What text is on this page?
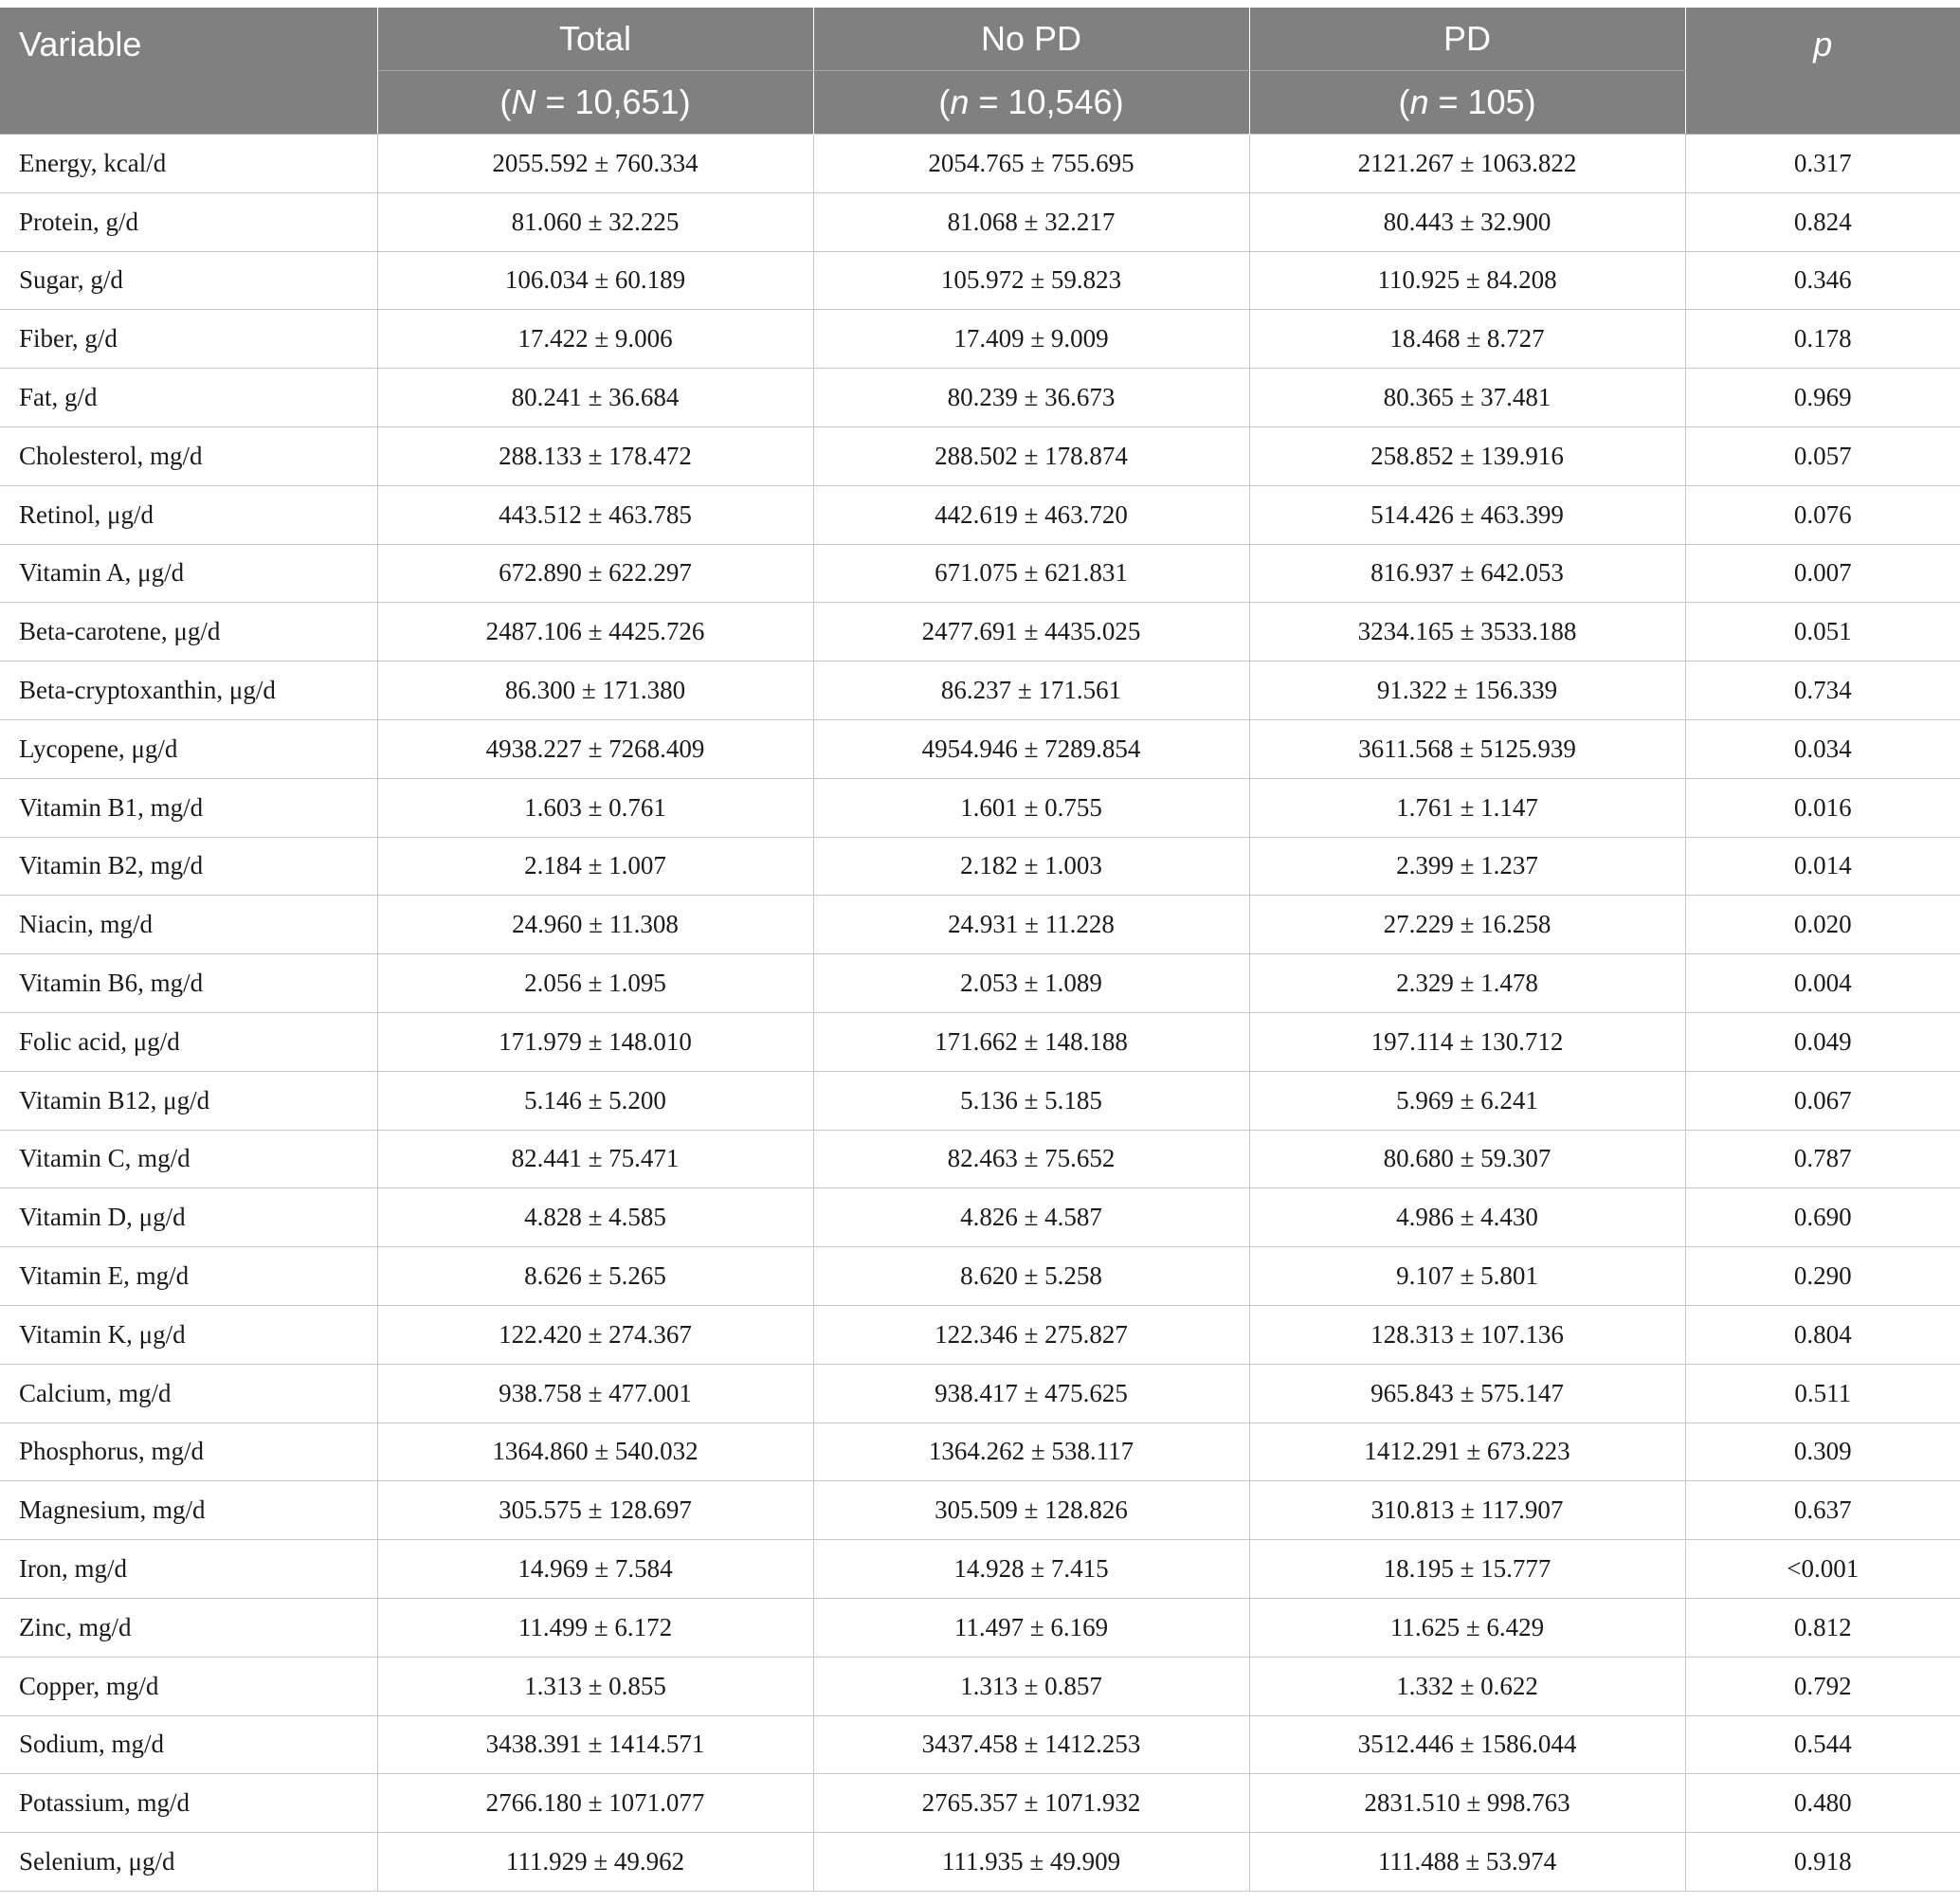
Variable	Total	No PD	PD	p
	(N = 10,651)	(n = 10,546)	(n = 105)	
Energy, kcal/d	2055.592 ± 760.334	2054.765 ± 755.695	2121.267 ± 1063.822	0.317
Protein, g/d	81.060 ± 32.225	81.068 ± 32.217	80.443 ± 32.900	0.824
Sugar, g/d	106.034 ± 60.189	105.972 ± 59.823	110.925 ± 84.208	0.346
Fiber, g/d	17.422 ± 9.006	17.409 ± 9.009	18.468 ± 8.727	0.178
Fat, g/d	80.241 ± 36.684	80.239 ± 36.673	80.365 ± 37.481	0.969
Cholesterol, mg/d	288.133 ± 178.472	288.502 ± 178.874	258.852 ± 139.916	0.057
Retinol, μg/d	443.512 ± 463.785	442.619 ± 463.720	514.426 ± 463.399	0.076
Vitamin A, μg/d	672.890 ± 622.297	671.075 ± 621.831	816.937 ± 642.053	0.007
Beta-carotene, μg/d	2487.106 ± 4425.726	2477.691 ± 4435.025	3234.165 ± 3533.188	0.051
Beta-cryptoxanthin, μg/d	86.300 ± 171.380	86.237 ± 171.561	91.322 ± 156.339	0.734
Lycopene, μg/d	4938.227 ± 7268.409	4954.946 ± 7289.854	3611.568 ± 5125.939	0.034
Vitamin B1, mg/d	1.603 ± 0.761	1.601 ± 0.755	1.761 ± 1.147	0.016
Vitamin B2, mg/d	2.184 ± 1.007	2.182 ± 1.003	2.399 ± 1.237	0.014
Niacin, mg/d	24.960 ± 11.308	24.931 ± 11.228	27.229 ± 16.258	0.020
Vitamin B6, mg/d	2.056 ± 1.095	2.053 ± 1.089	2.329 ± 1.478	0.004
Folic acid, μg/d	171.979 ± 148.010	171.662 ± 148.188	197.114 ± 130.712	0.049
Vitamin B12, μg/d	5.146 ± 5.200	5.136 ± 5.185	5.969 ± 6.241	0.067
Vitamin C, mg/d	82.441 ± 75.471	82.463 ± 75.652	80.680 ± 59.307	0.787
Vitamin D, μg/d	4.828 ± 4.585	4.826 ± 4.587	4.986 ± 4.430	0.690
Vitamin E, mg/d	8.626 ± 5.265	8.620 ± 5.258	9.107 ± 5.801	0.290
Vitamin K, μg/d	122.420 ± 274.367	122.346 ± 275.827	128.313 ± 107.136	0.804
Calcium, mg/d	938.758 ± 477.001	938.417 ± 475.625	965.843 ± 575.147	0.511
Phosphorus, mg/d	1364.860 ± 540.032	1364.262 ± 538.117	1412.291 ± 673.223	0.309
Magnesium, mg/d	305.575 ± 128.697	305.509 ± 128.826	310.813 ± 117.907	0.637
Iron, mg/d	14.969 ± 7.584	14.928 ± 7.415	18.195 ± 15.777	<0.001
Zinc, mg/d	11.499 ± 6.172	11.497 ± 6.169	11.625 ± 6.429	0.812
Copper, mg/d	1.313 ± 0.855	1.313 ± 0.857	1.332 ± 0.622	0.792
Sodium, mg/d	3438.391 ± 1414.571	3437.458 ± 1412.253	3512.446 ± 1586.044	0.544
Potassium, mg/d	2766.180 ± 1071.077	2765.357 ± 1071.932	2831.510 ± 998.763	0.480
Selenium, μg/d	111.929 ± 49.962	111.935 ± 49.909	111.488 ± 53.974	0.918
